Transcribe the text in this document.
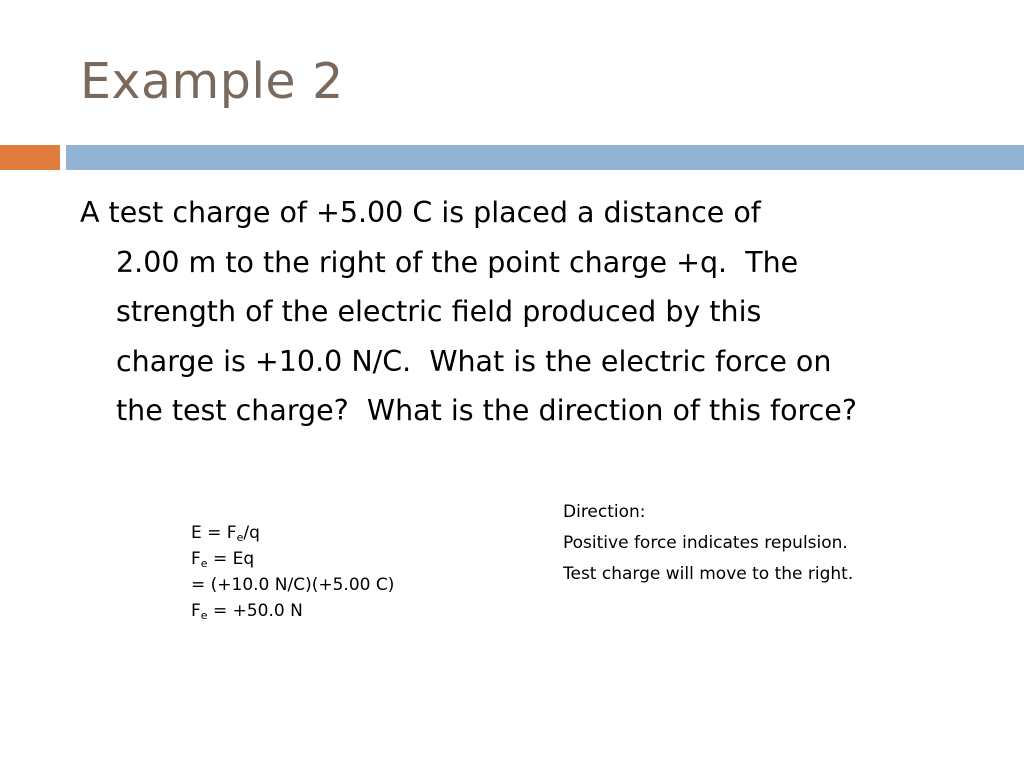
Example 2
A test charge of +5.00 C is placed a distance of
2.00 m to the right of the point charge +q.  The
strength of the electric field produced by this
charge is +10.0 N/C.  What is the electric force on
the test charge?  What is the direction of this force?
$E = F_e/q$
$F_e = Eq$
= (+10.0 N/C)(+5.00 C)
$F_e = +50.0$ N
Direction:
Positive force indicates repulsion.
Test charge will move to the right.
